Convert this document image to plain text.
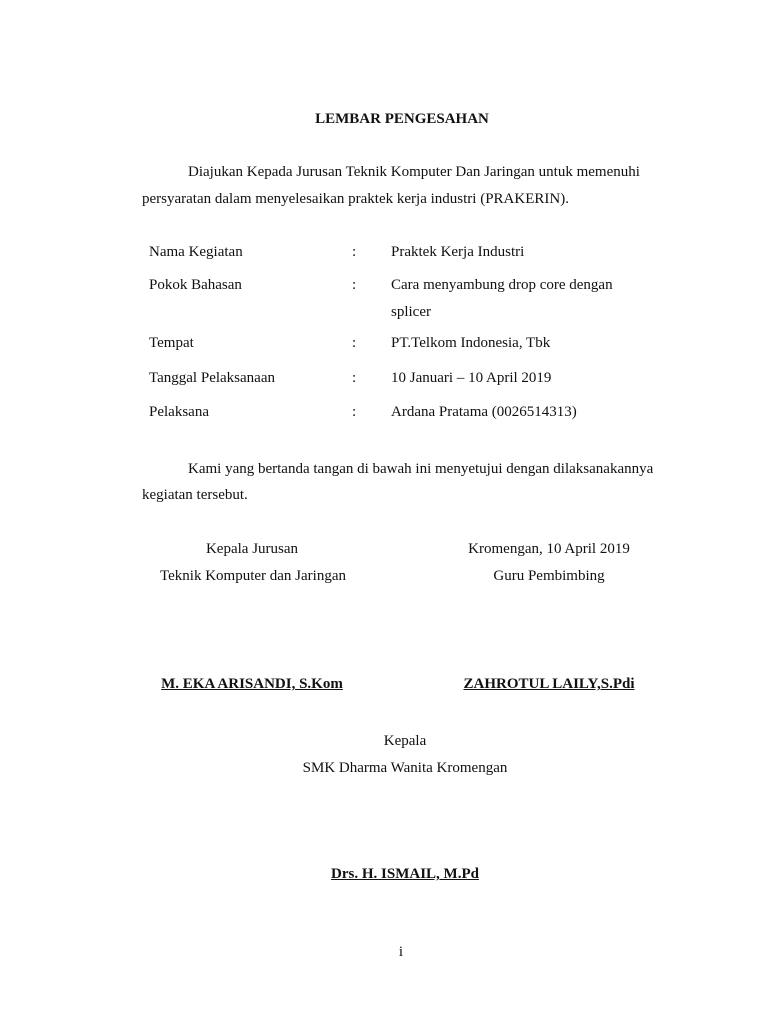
LEMBAR PENGESAHAN
Diajukan Kepada Jurusan Teknik Komputer Dan Jaringan untuk memenuhi
persyaratan dalam menyelesaikan praktek kerja industri (PRAKERIN).
Nama Kegiatan	: Praktek Kerja Industri
Pokok Bahasan	: Cara menyambung drop core dengan
splicer
Tempat	: PT.Telkom Indonesia, Tbk
Tanggal Pelaksanaan	: 10 Januari – 10 April 2019
Pelaksana	: Ardana Pratama (0026514313)
Kami yang bertanda tangan di bawah ini menyetujui dengan dilaksanakannya
kegiatan tersebut.
Kepala Jurusan
Teknik Komputer dan Jaringan
M. EKA ARISANDI, S.Kom
Kromengan, 10 April 2019
Guru Pembimbing
ZAHROTUL LAILY,S.Pdi
Kepala
SMK Dharma Wanita Kromengan
Drs. H. ISMAIL, M.Pd
i
